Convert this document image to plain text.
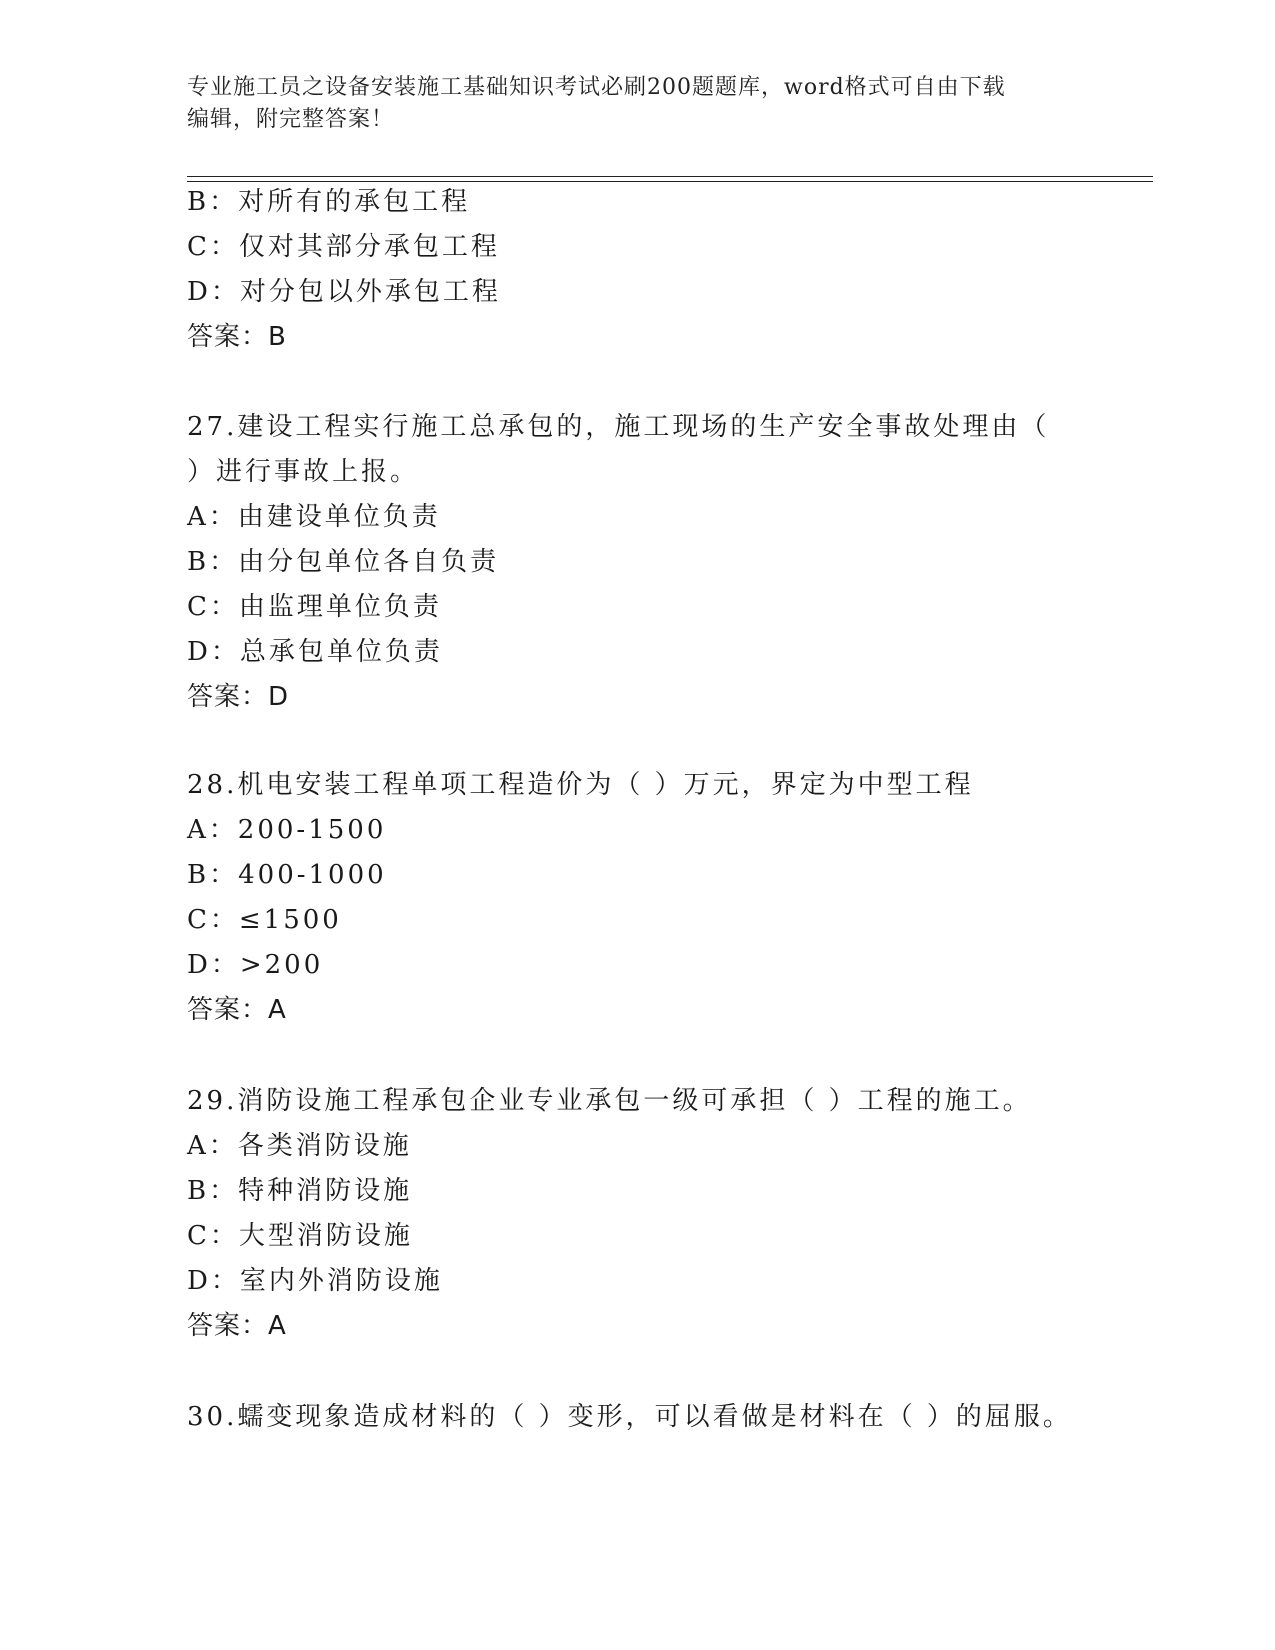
专业施工员之设备安装施工基础知识考试必刷200题题库，word格式可自由下载
编辑，附完整答案！
B：对所有的承包工程
C：仅对其部分承包工程
D：对分包以外承包工程
答案：B
27.建设工程实行施工总承包的，施工现场的生产安全事故处理由（
）进行事故上报。
A：由建设单位负责
B：由分包单位各自负责
C：由监理单位负责
D：总承包单位负责
答案：D
28.机电安装工程单项工程造价为（ ）万元，界定为中型工程
A：200-1500
B：400-1000
C：≤1500
D：>200
答案：A
29.消防设施工程承包企业专业承包一级可承担（ ）工程的施工。
A：各类消防设施
B：特种消防设施
C：大型消防设施
D：室内外消防设施
答案：A
30.蠕变现象造成材料的（ ）变形，可以看做是材料在（ ）的屈服。
